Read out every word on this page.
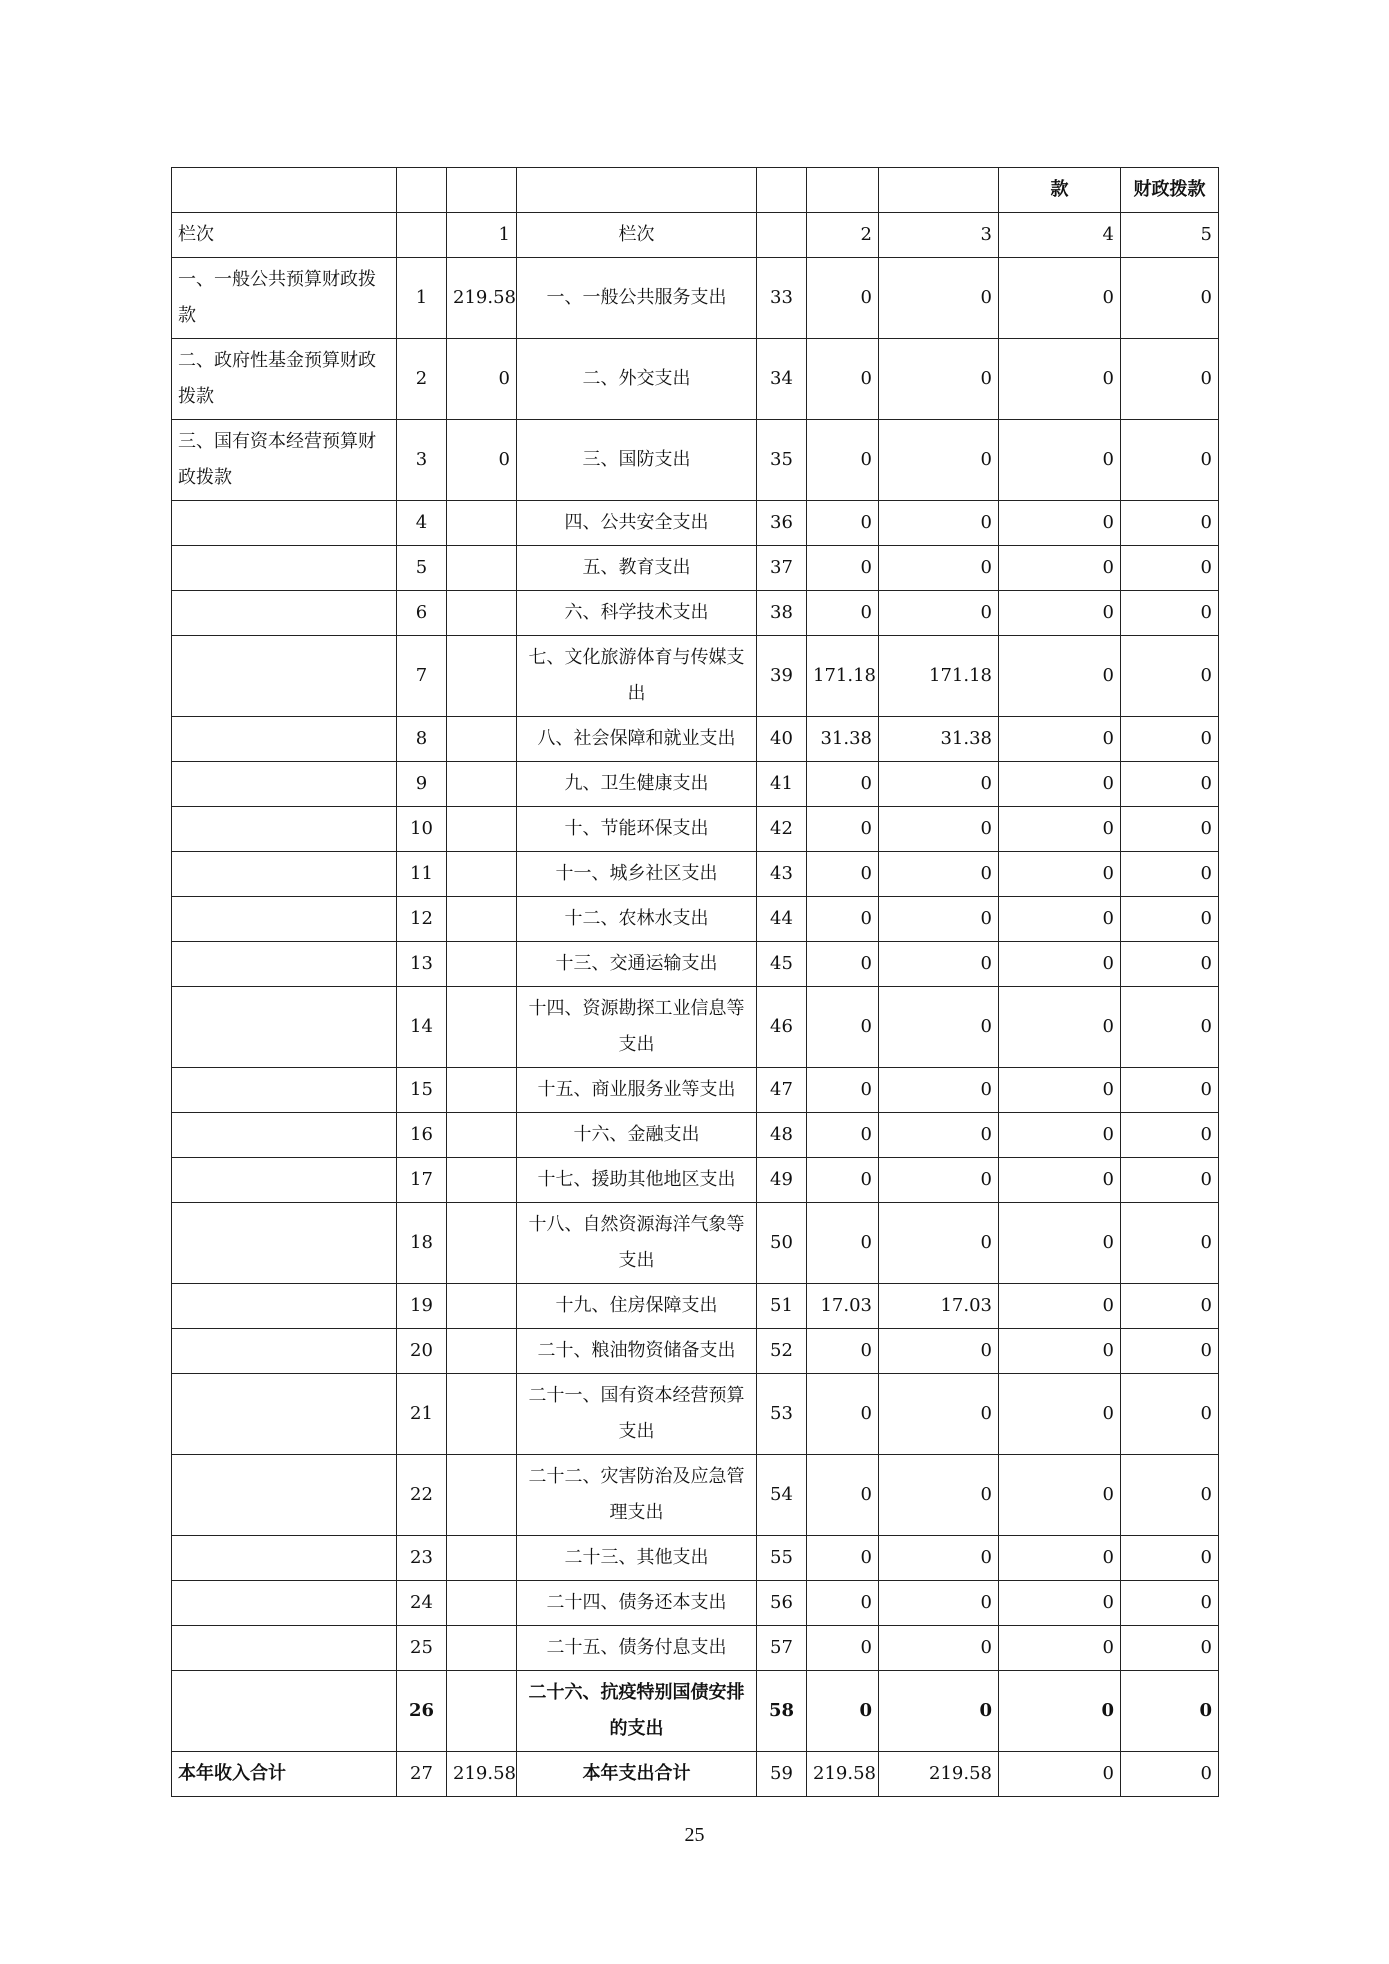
							款	财政拨款
栏次		1	栏次		2	3	4	5
一、一般公共预算财政拨款	1	219.58	一、一般公共服务支出	33	0	0	0	0
二、政府性基金预算财政拨款	2	0	二、外交支出	34	0	0	0	0
三、国有资本经营预算财政拨款	3	0	三、国防支出	35	0	0	0	0
	4		四、公共安全支出	36	0	0	0	0
	5		五、教育支出	37	0	0	0	0
	6		六、科学技术支出	38	0	0	0	0
	7		七、文化旅游体育与传媒支出	39	171.18	171.18	0	0
	8		八、社会保障和就业支出	40	31.38	31.38	0	0
	9		九、卫生健康支出	41	0	0	0	0
	10		十、节能环保支出	42	0	0	0	0
	11		十一、城乡社区支出	43	0	0	0	0
	12		十二、农林水支出	44	0	0	0	0
	13		十三、交通运输支出	45	0	0	0	0
	14		十四、资源勘探工业信息等支出	46	0	0	0	0
	15		十五、商业服务业等支出	47	0	0	0	0
	16		十六、金融支出	48	0	0	0	0
	17		十七、援助其他地区支出	49	0	0	0	0
	18		十八、自然资源海洋气象等支出	50	0	0	0	0
	19		十九、住房保障支出	51	17.03	17.03	0	0
	20		二十、粮油物资储备支出	52	0	0	0	0
	21		二十一、国有资本经营预算支出	53	0	0	0	0
	22		二十二、灾害防治及应急管理支出	54	0	0	0	0
	23		二十三、其他支出	55	0	0	0	0
	24		二十四、债务还本支出	56	0	0	0	0
	25		二十五、债务付息支出	57	0	0	0	0
	26		二十六、抗疫特别国债安排的支出	58	0	0	0	0
本年收入合计	27	219.58	本年支出合计	59	219.58	219.58	0	0
25
